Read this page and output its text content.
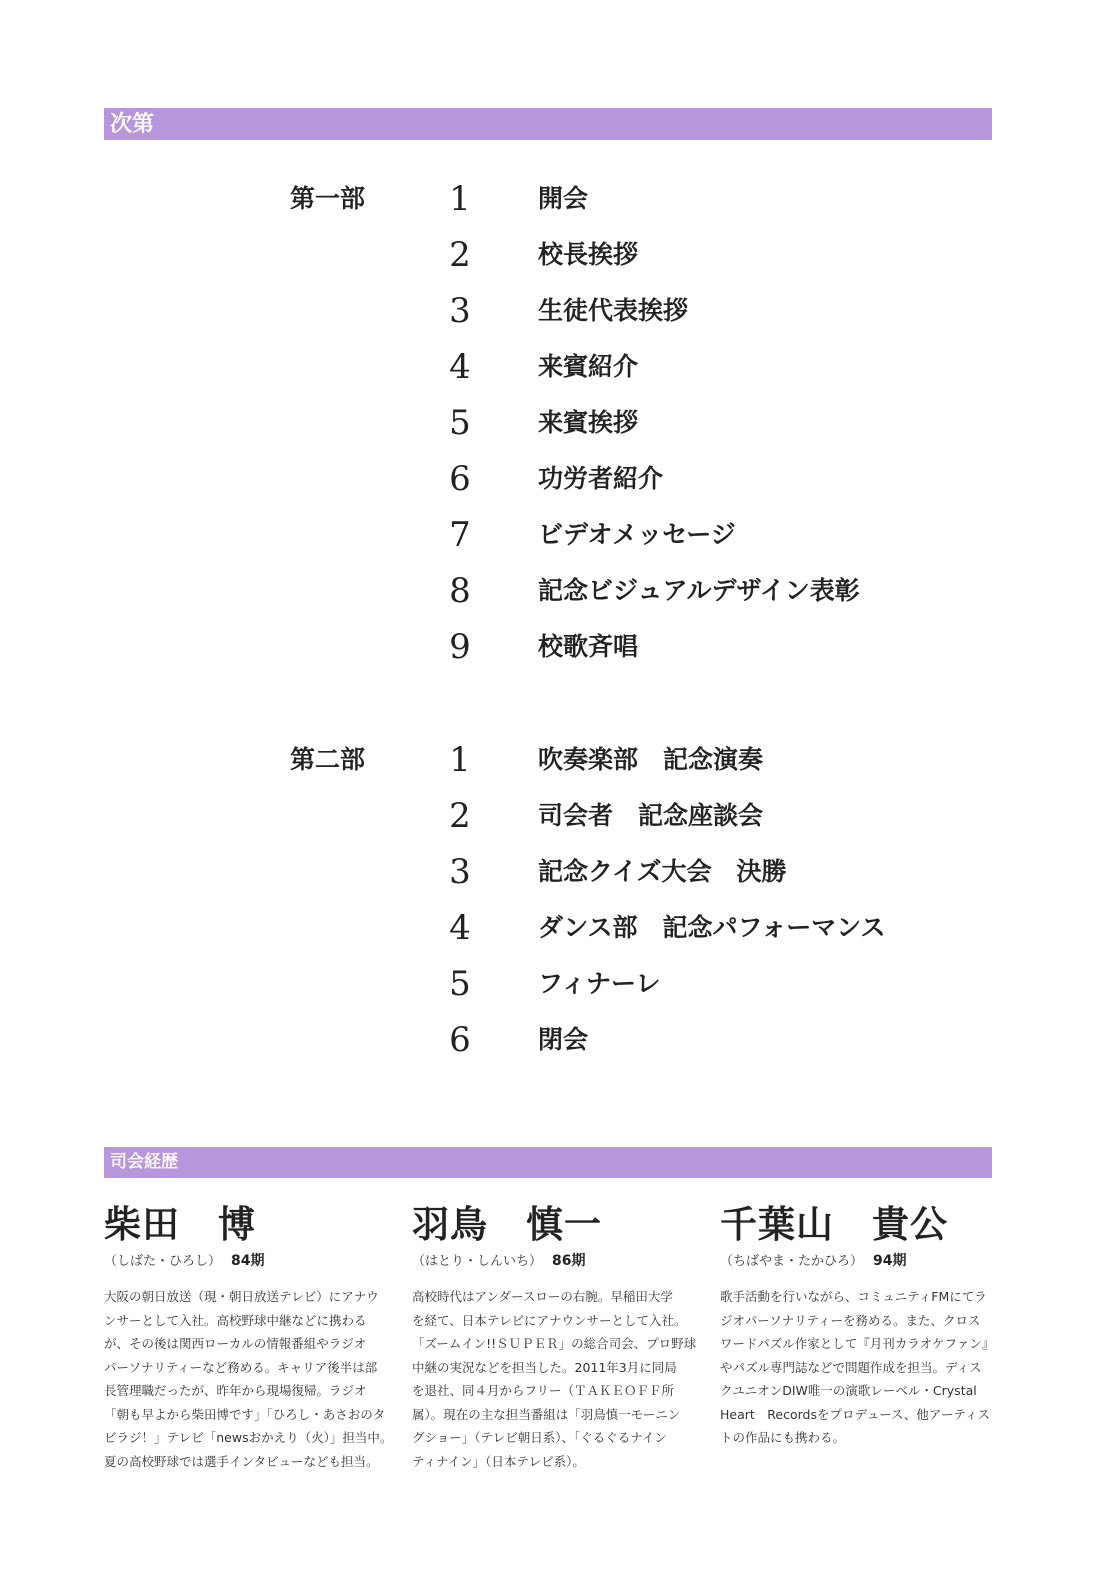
次第
第一部 1	開会
2	校長挨拶
3	生徒代表挨拶
4	来賓紹介
5	来賓挨拶
6	功労者紹介
7	ビデオメッセージ
8	記念ビジュアルデザイン表彰
9	校歌斉唱
第二部 1	吹奏楽部　記念演奏
2	司会者　記念座談会
3	記念クイズ大会　決勝
4	ダンス部　記念パフォーマンス
5	フィナーレ
6	閉会
司会経歴
柴田　博
（しばた・ひろし） 84期
大阪の朝日放送（現・朝日放送テレビ）にアナウ
ンサーとして入社。高校野球中継などに携わる
が、その後は関西ローカルの情報番組やラジオ
パーソナリティーなど務める。キャリア後半は部
長管理職だったが、昨年から現場復帰。ラジオ
「朝も早よから柴田博です」「ひろし・あさおのタ
ビラジ！」テレビ「newsおかえり（火）」担当中。
夏の高校野球では選手インタビューなども担当。
羽鳥　慎一
（はとり・しんいち） 86期
高校時代はアンダースローの右腕。早稲田大学
を経て、日本テレビにアナウンサーとして入社。
「ズームイン!!ＳＵＰＥＲ」の総合司会、プロ野球
中継の実況などを担当した。2011年3月に同局
を退社、同４月からフリー（ＴＡＫＥＯＦＦ所
属）。現在の主な担当番組は「羽鳥慎一モーニン
グショー」（テレビ朝日系）、「ぐるぐるナイン
ティナイン」（日本テレビ系）。
千葉山　貴公
（ちばやま・たかひろ） 94期
歌手活動を行いながら、コミュニティFMにてラ
ジオパーソナリティーを務める。また、クロス
ワードパズル作家として『月刊カラオケファン』
やパズル専門誌などで問題作成を担当。ディス
クユニオンDIW唯一の演歌レーベル・Crystal
Heart　Recordsをプロデュース、他アーティス
トの作品にも携わる。
